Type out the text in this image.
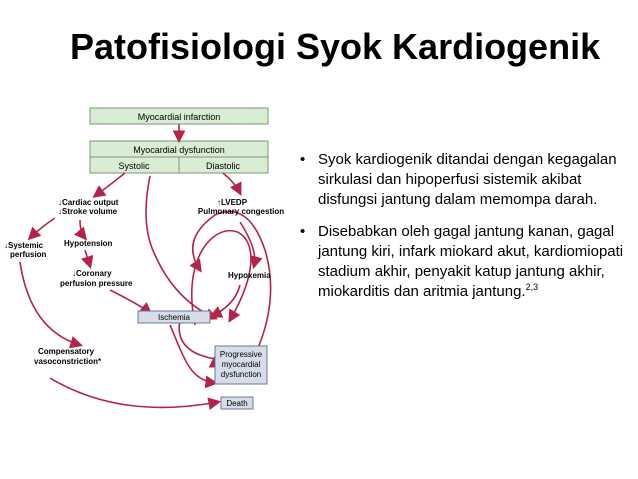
Patofisiologi Syok Kardiogenik
Myocardial infarction
Myocardial dysfunction
Systolic	Diastolic
↓Cardiac output
↓Stroke volume
↑LVEDP
Pulmonary congestion
↓Systemic
perfusion
Hypotension
↓Coronary
perfusion pressure
Hypoxemia
Ischemia
Compensatory
vasoconstriction*
Progressive
myocardial
dysfunction
Death
• Syok kardiogenik ditandai dengan kegagalan sirkulasi dan hipoperfusi sistemik akibat disfungsi jantung dalam memompa darah.
• Disebabkan oleh gagal jantung kanan, gagal jantung kiri, infark miokard akut, kardiomiopati stadium akhir, penyakit katup jantung akhir, miokarditis dan aritmia jantung.$^{2,3}$
